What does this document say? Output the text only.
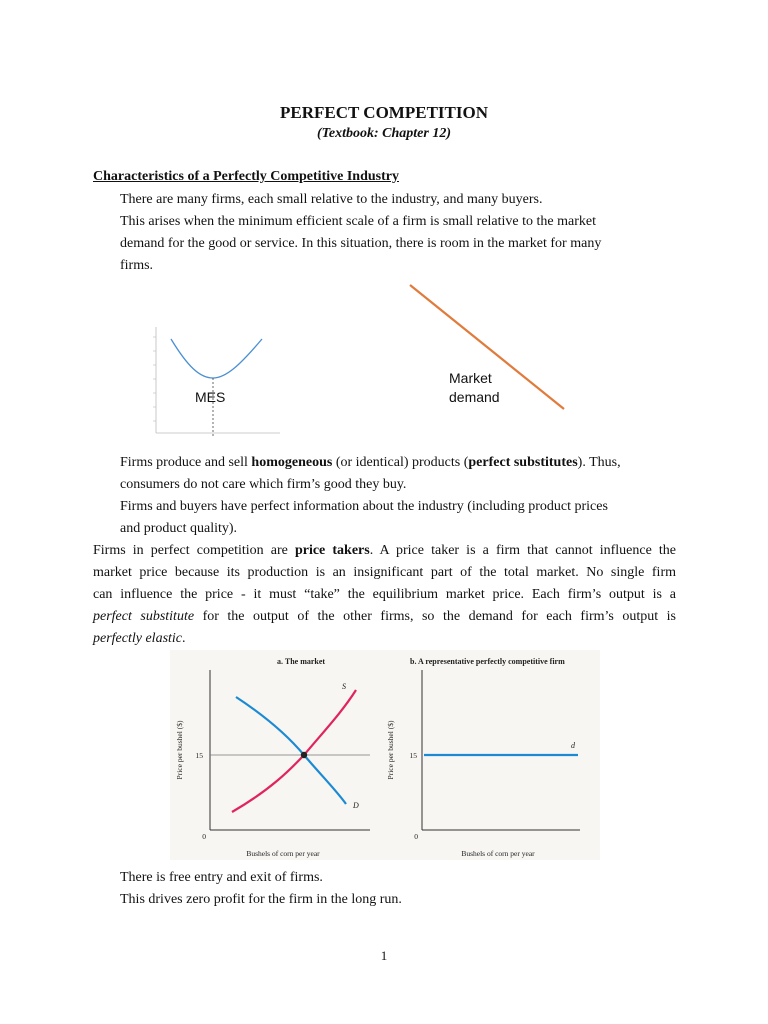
PERFECT COMPETITION
(Textbook: Chapter 12)
Characteristics of a Perfectly Competitive Industry
There are many firms, each small relative to the industry, and many buyers.
This arises when the minimum efficient scale of a firm is small relative to the market
demand for the good or service. In this situation, there is room in the market for many
firms.
MES
Market
demand
Firms produce and sell homogeneous (or identical) products (perfect substitutes). Thus,
consumers do not care which firm’s good they buy.
Firms and buyers have perfect information about the industry (including product prices
and product quality).
Firms in perfect competition are price takers. A price taker is a firm that cannot influence the
market price because its production is an insignificant part of the total market. No single firm
can influence the price - it must “take” the equilibrium market price. Each firm’s output is a
perfect substitute for the output of the other firms, so the demand for each firm’s output is
perfectly elastic.
a. The market
15
0
Price per bushel ($)
Bushels of corn per year
S
D
b. A representative perfectly competitive firm
15
0
Price per bushel ($)
Bushels of corn per year
d
There is free entry and exit of firms.
This drives zero profit for the firm in the long run.
1
